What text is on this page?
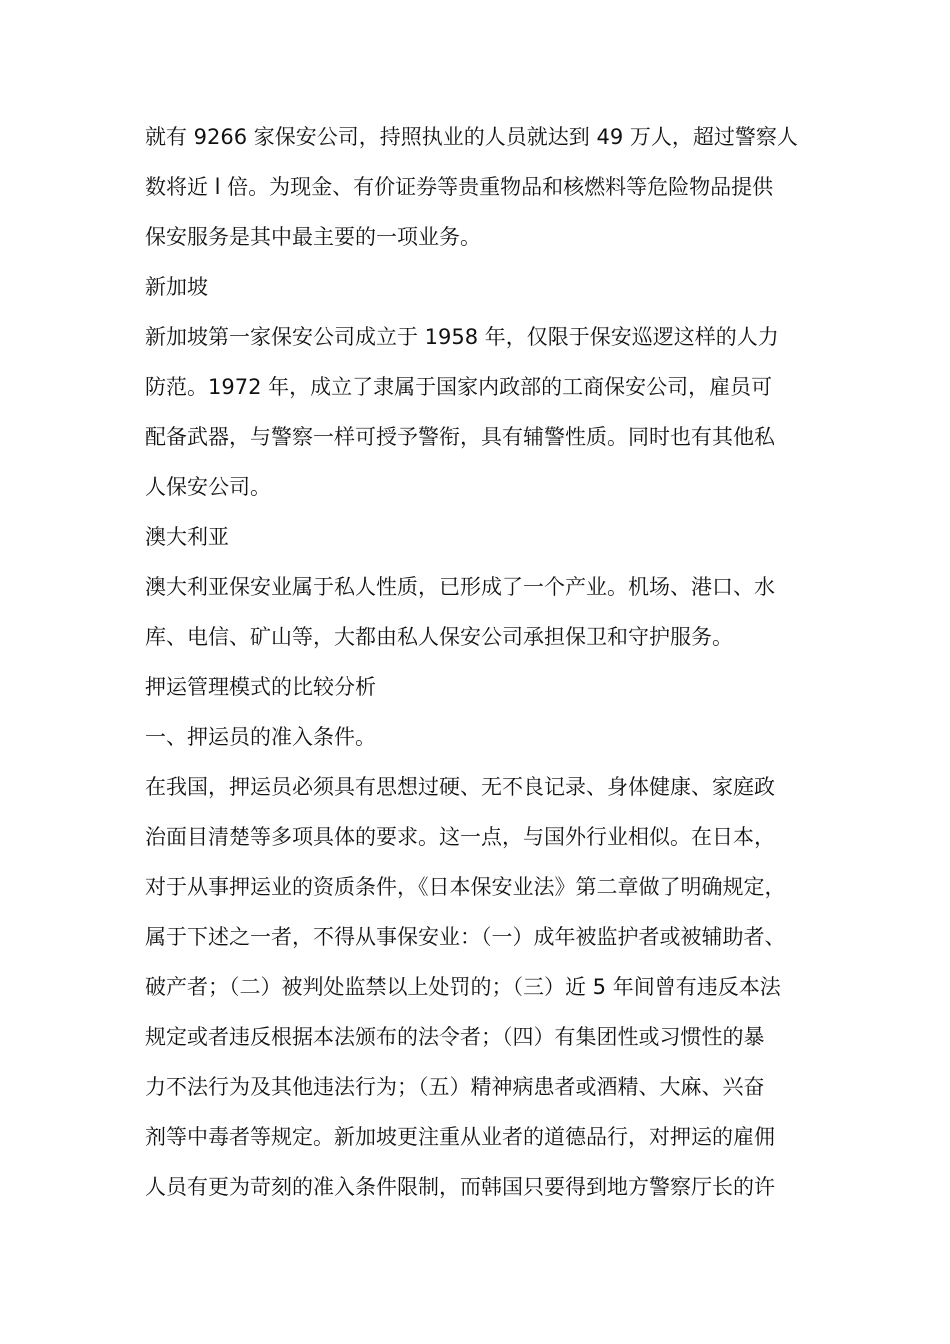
就有 9266 家保安公司，持照执业的人员就达到 49 万人，超过警察人

数将近 l 倍。为现金、有价证券等贵重物品和核燃料等危险物品提供

保安服务是其中最主要的一项业务。

新加坡

新加坡第一家保安公司成立于 1958 年，仅限于保安巡逻这样的人力

防范。1972 年，成立了隶属于国家内政部的工商保安公司，雇员可

配备武器，与警察一样可授予警衔，具有辅警性质。同时也有其他私

人保安公司。

澳大利亚

澳大利亚保安业属于私人性质，已形成了一个产业。机场、港口、水

库、电信、矿山等，大都由私人保安公司承担保卫和守护服务。

押运管理模式的比较分析

一、押运员的准入条件。

在我国，押运员必须具有思想过硬、无不良记录、身体健康、家庭政

治面目清楚等多项具体的要求。这一点，与国外行业相似。在日本，

对于从事押运业的资质条件，《日本保安业法》第二章做了明确规定，

属于下述之一者，不得从事保安业：（一）成年被监护者或被辅助者、

破产者；（二）被判处监禁以上处罚的；（三）近 5 年间曾有违反本法

规定或者违反根据本法颁布的法令者；（四）有集团性或习惯性的暴

力不法行为及其他违法行为；（五）精神病患者或酒精、大麻、兴奋

剂等中毒者等规定。新加坡更注重从业者的道德品行，对押运的雇佣

人员有更为苛刻的准入条件限制，而韩国只要得到地方警察厅长的许
